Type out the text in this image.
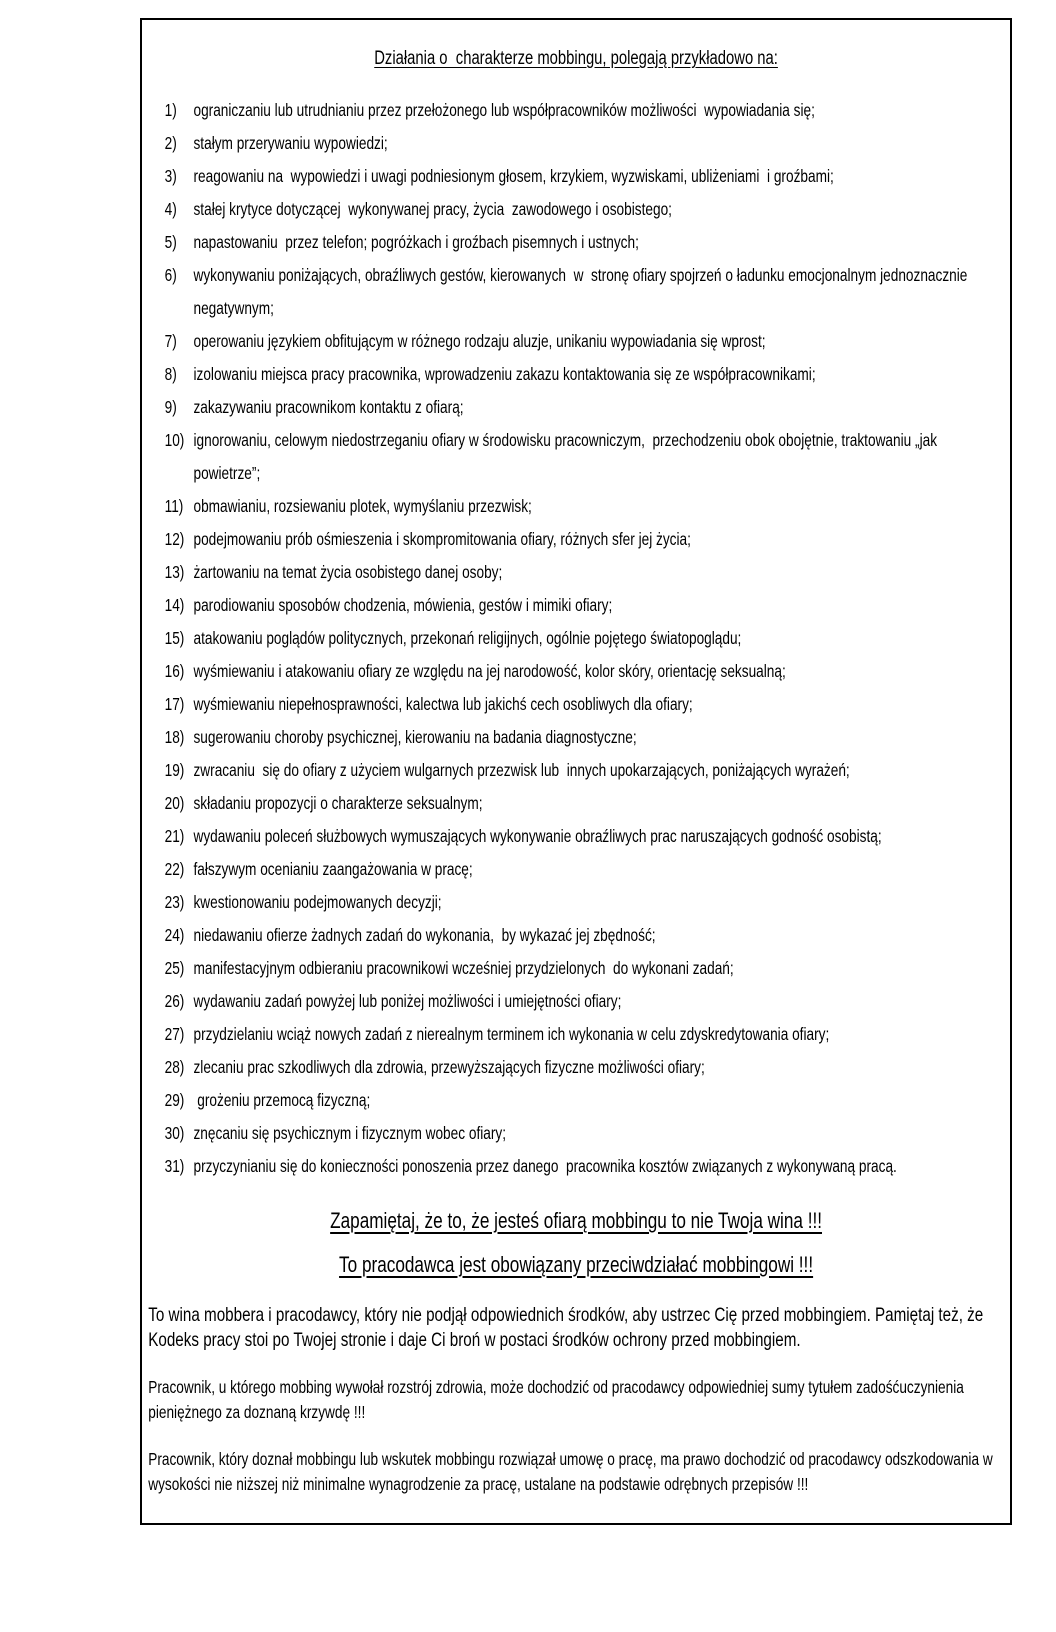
Działania o  charakterze mobbingu, polegają przykładowo na:
1) ograniczaniu lub utrudnianiu przez przełożonego lub współpracowników możliwości  wypowiadania się;
2) stałym przerywaniu wypowiedzi;
3) reagowaniu na  wypowiedzi i uwagi podniesionym głosem, krzykiem, wyzwiskami, ubliżeniami  i groźbami;
4) stałej krytyce dotyczącej  wykonywanej pracy, życia  zawodowego i osobistego;
5) napastowaniu  przez telefon; pogróżkach i groźbach pisemnych i ustnych;
6) wykonywaniu poniżających, obraźliwych gestów, kierowanych  w  stronę ofiary spojrzeń o ładunku emocjonalnym jednoznacznie negatywnym;
7) operowaniu językiem obfitującym w różnego rodzaju aluzje, unikaniu wypowiadania się wprost;
8) izolowaniu miejsca pracy pracownika, wprowadzeniu zakazu kontaktowania się ze współpracownikami;
9) zakazywaniu pracownikom kontaktu z ofiarą;
10) ignorowaniu, celowym niedostrzeganiu ofiary w środowisku pracowniczym,  przechodzeniu obok obojętnie, traktowaniu „jak powietrze”;
11) obmawianiu, rozsiewaniu plotek, wymyślaniu przezwisk;
12) podejmowaniu prób ośmieszenia i skompromitowania ofiary, różnych sfer jej życia;
13) żartowaniu na temat życia osobistego danej osoby;
14) parodiowaniu sposobów chodzenia, mówienia, gestów i mimiki ofiary;
15) atakowaniu poglądów politycznych, przekonań religijnych, ogólnie pojętego światopoglądu;
16) wyśmiewaniu i atakowaniu ofiary ze względu na jej narodowość, kolor skóry, orientację seksualną;
17) wyśmiewaniu niepełnosprawności, kalectwa lub jakichś cech osobliwych dla ofiary;
18) sugerowaniu choroby psychicznej, kierowaniu na badania diagnostyczne;
19) zwracaniu  się do ofiary z użyciem wulgarnych przezwisk lub  innych upokarzających, poniżających wyrażeń;
20) składaniu propozycji o charakterze seksualnym;
21) wydawaniu poleceń służbowych wymuszających wykonywanie obraźliwych prac naruszających godność osobistą;
22) fałszywym ocenianiu zaangażowania w pracę;
23) kwestionowaniu podejmowanych decyzji;
24) niedawaniu ofierze żadnych zadań do wykonania,  by wykazać jej zbędność;
25) manifestacyjnym odbieraniu pracownikowi wcześniej przydzielonych  do wykonani zadań;
26) wydawaniu zadań powyżej lub poniżej możliwości i umiejętności ofiary;
27) przydzielaniu wciąż nowych zadań z nierealnym terminem ich wykonania w celu zdyskredytowania ofiary;
28) zlecaniu prac szkodliwych dla zdrowia, przewyższających fizyczne możliwości ofiary;
29) grożeniu przemocą fizyczną;
30) znęcaniu się psychicznym i fizycznym wobec ofiary;
31) przyczynianiu się do konieczności ponoszenia przez danego  pracownika kosztów związanych z wykonywaną pracą.
Zapamiętaj, że to, że jesteś ofiarą mobbingu to nie Twoja wina !!!
To pracodawca jest obowiązany przeciwdziałać mobbingowi !!!

To wina mobbera i pracodawcy, który nie podjął odpowiednich środków, aby ustrzec Cię przed mobbingiem. Pamiętaj też, że Kodeks pracy stoi po Twojej stronie i daje Ci broń w postaci środków ochrony przed mobbingiem.

Pracownik, u którego mobbing wywołał rozstrój zdrowia, może dochodzić od pracodawcy odpowiedniej sumy tytułem zadośćuczynienia pieniężnego za doznaną krzywdę !!!

Pracownik, który doznał mobbingu lub wskutek mobbingu rozwiązał umowę o pracę, ma prawo dochodzić od pracodawcy odszkodowania w wysokości nie niższej niż minimalne wynagrodzenie za pracę, ustalane na podstawie odrębnych przepisów !!!
